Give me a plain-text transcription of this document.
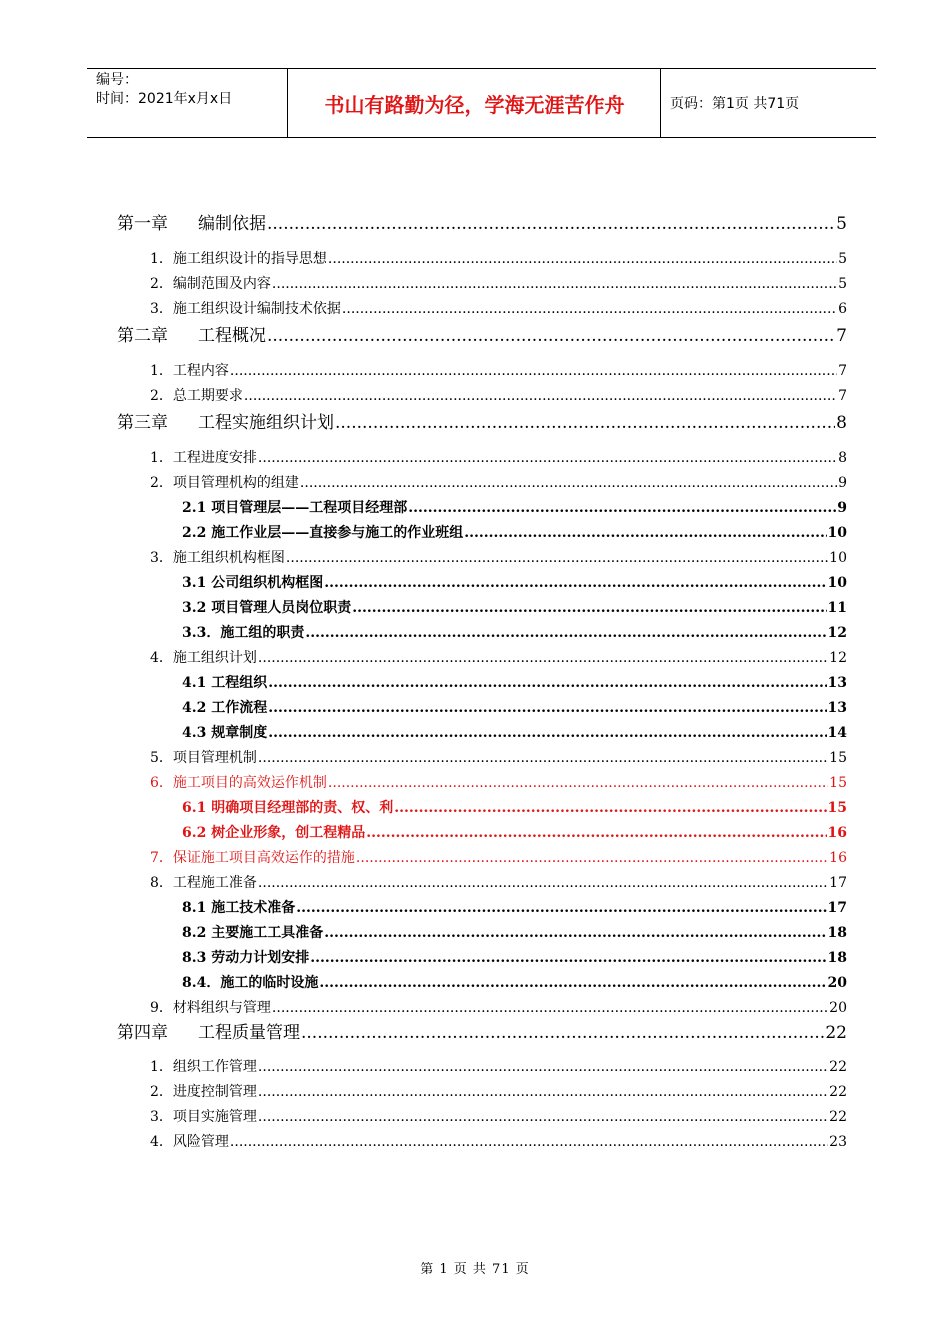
编号：
时间：2021年x月x日	书山有路勤为径，学海无涯苦作舟	页码：第1页 共71页
第一章 编制依据 .....	5
1．施工组织设计的指导思想 .....	5
2．编制范围及内容 .....	5
3．施工组织设计编制技术依据 .....	6
第二章 工程概况 .....	7
1．工程内容 .....	7
2．总工期要求 .....	7
第三章 工程实施组织计划 .....	8
1．工程进度安排 .....	8
2．项目管理机构的组建 .....	9
2.1 项目管理层——工程项目经理部 .....	9
2.2 施工作业层——直接参与施工的作业班组 .....	10
3．施工组织机构框图 .....	10
3.1 公司组织机构框图 .....	10
3.2 项目管理人员岗位职责 .....	11
3.3．施工组的职责 .....	12
4．施工组织计划 .....	12
4.1 工程组织 .....	13
4.2 工作流程 .....	13
4.3 规章制度 .....	14
5．项目管理机制 .....	15
6．施工项目的高效运作机制 .....	15
6.1 明确项目经理部的责、权、利 .....	15
6.2 树企业形象，创工程精品 .....	16
7．保证施工项目高效运作的措施 .....	16
8．工程施工准备 .....	17
8.1 施工技术准备 .....	17
8.2 主要施工工具准备 .....	18
8.3 劳动力计划安排 .....	18
8.4．施工的临时设施 .....	20
9．材料组织与管理 .....	20
第四章 工程质量管理 .....	22
1．组织工作管理 .....	22
2．进度控制管理 .....	22
3．项目实施管理 .....	22
4．风险管理 .....	23
第 1 页 共 71 页
